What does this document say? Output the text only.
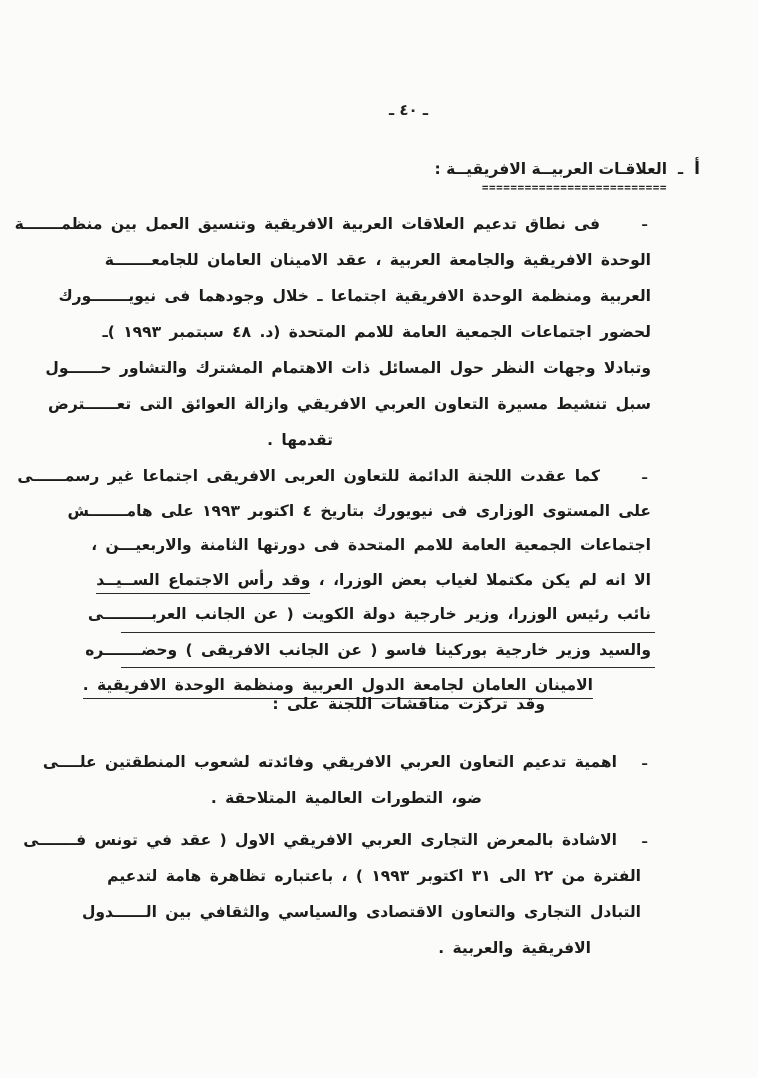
ـ ٤٠ ـ
أ
ـ
العلاقـات العربيــة الافريقيــة :
==========================
ـ
فى نطاق تدعيم العلاقات العربية الافريقية وتنسيق العمل بين منظمـــــــة
الوحدة الافريقية والجامعة العربية ، عقد الامينان العامان للجامعـــــــة
العربية ومنظمة الوحدة الافريقية اجتماعا ـ خلال وجودهما فى نيويـــــــورك
لحضور اجتماعات الجمعية العامة للامم المتحدة (د. ٤٨ سبتمبر ١٩٩٣ )ـ
وتبادلا وجهات النظر حول المسائل ذات الاهتمام المشترك والتشاور حــــــول
سبل تنشيط مسيرة التعاون العربي الافريقي وازالة العوائق التى تعــــــترض
تقدمها .
ـ
كما عقدت اللجنة الدائمة للتعاون العربى الافريقى اجتماعا غير رسمــــــى
على المستوى الوزارى فى نيويورك بتاريخ ٤ اكتوبر ١٩٩٣ على هامـــــــش
اجتماعات الجمعية العامة للامم المتحدة فى دورتها الثامنة والاربعيـــن ،
الا انه لم يكن مكتملا لغياب بعض الوزرا، ، وقد رأس الاجتماع الســيــد
نائب رئيس الوزرا، وزير خارجية دولة الكويت ( عن الجانب العربـــــــــى
والسيد وزير خارجية بوركينا فاسو ( عن الجانب الافريقى ) وحضـــــــره
الامينان العامان لجامعة الدول العربية ومنظمة الوحدة الافريقية .
وقد تركزت مناقشات اللجنة على :
ـ
اهمية تدعيم التعاون العربي الافريقي وفائدته لشعوب المنطقتين علــــى
ضو، التطورات العالمية المتلاحقة .
ـ
الاشادة بالمعرض التجارى العربي الافريقي الاول ( عقد في تونس فـــــــى
الفترة من ٢٢ الى ٣١ اكتوبر ١٩٩٣ ) ، باعتباره تظاهرة هامة لتدعيم
التبادل التجارى والتعاون الاقتصادى والسياسي والثقافي بين الــــــدول
الافريقية والعربية .
